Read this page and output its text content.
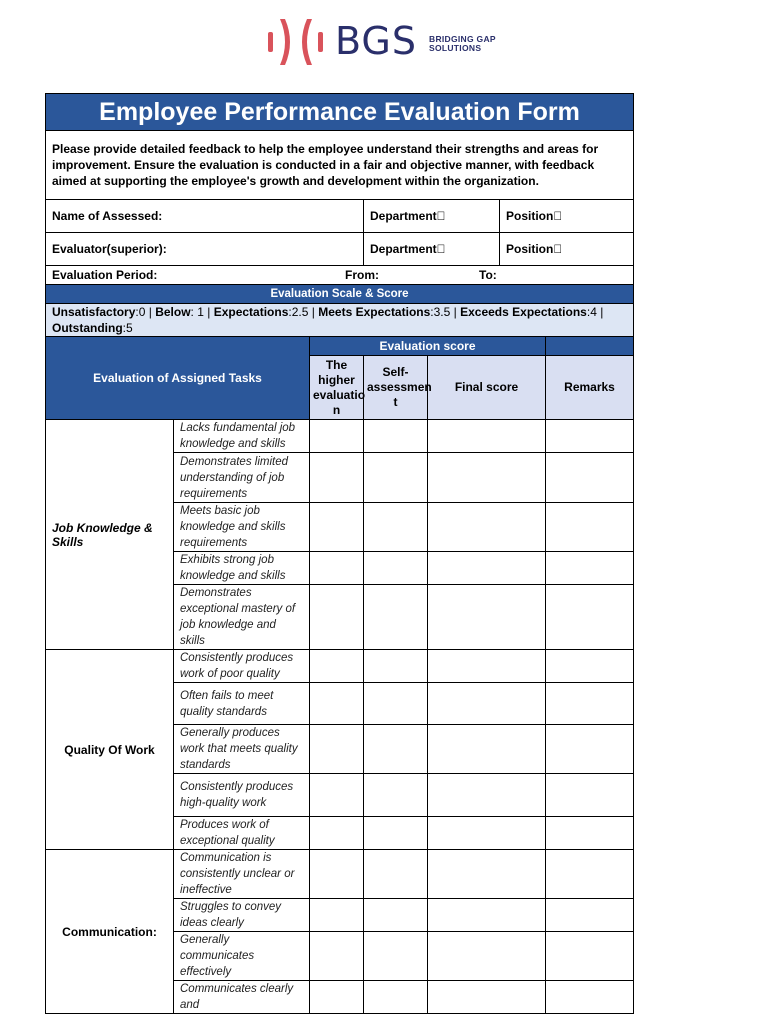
BGS BRIDGING GAP
SOLUTIONS
Employee Performance Evaluation Form						
Please provide detailed feedback to help the employee understand their strengths and areas for improvement. Ensure the evaluation is conducted in a fair and objective manner, with feedback aimed at supporting the employee's growth and development within the organization.						
Name of Assessed:			Department 		Position 	
Evaluator(superior):			Department 		Position 	
Evaluation Period: From: To:						

Evaluation Scale & Score						
Unsatisfactory:0 | Below: 1 | Expectations:2.5 | Meets Expectations:3.5 | Exceeds Expectations:4 | Outstanding:5						
Evaluation of Assigned Tasks		Evaluation score				
		The higher evaluatio n	Self-assessmen t	Final score		Remarks
Job Knowledge & Skills	Lacks fundamental job knowledge and skills					
	Demonstrates limited understanding of job requirements					
	Meets basic job knowledge and skills requirements					
	Exhibits strong job knowledge and skills					
	Demonstrates exceptional mastery of job knowledge and skills					
Quality Of Work	Consistently produces work of poor quality					
	Often fails to meet quality standards					
	Generally produces work that meets quality standards					
	Consistently produces high-quality work					
	Produces work of exceptional quality					
Communication:	Communication is consistently unclear or ineffective					
	Struggles to convey ideas clearly					
	Generally communicates effectively					
	Communicates clearly and					
